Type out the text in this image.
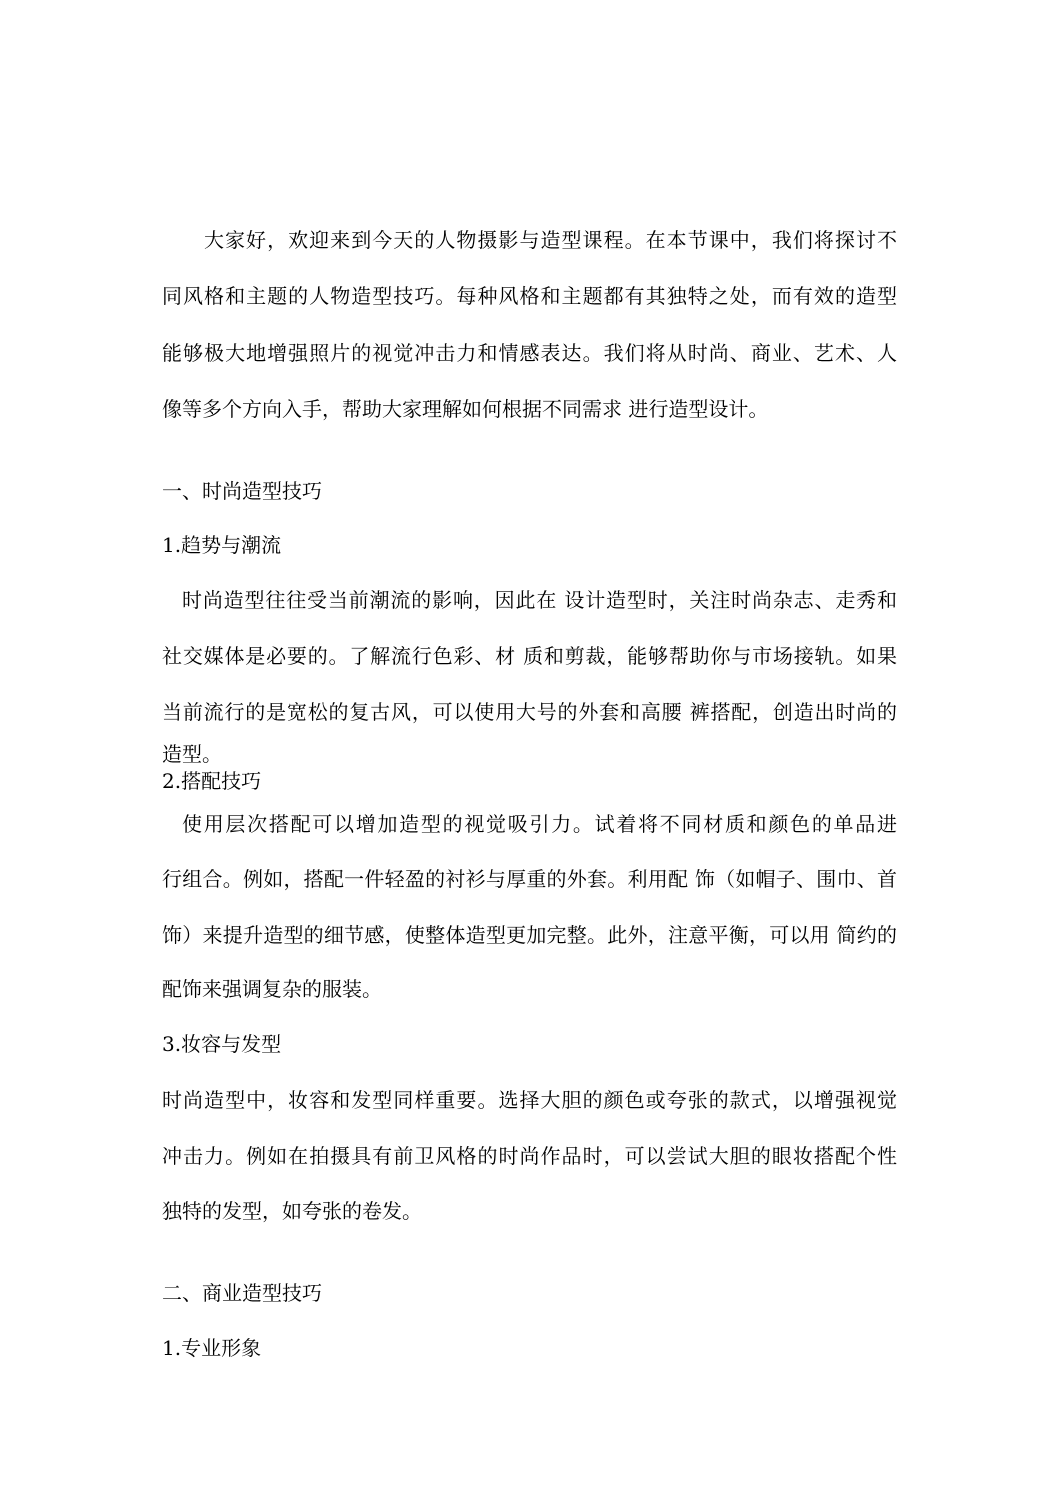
大家好，欢迎来到今天的人物摄影与造型课程。在本节课中，我们将探讨不
同风格和主题的人物造型技巧。每种风格和主题都有其独特之处，而有效的造型
能够极大地增强照片的视觉冲击力和情感表达。我们将从时尚、商业、艺术、人
像等多个方向入手，帮助大家理解如何根据不同需求 进行造型设计。
一、时尚造型技巧
1.趋势与潮流
时尚造型往往受当前潮流的影响，因此在 设计造型时，关注时尚杂志、走秀和
社交媒体是必要的。了解流行色彩、材 质和剪裁，能够帮助你与市场接轨。如果
当前流行的是宽松的复古风，可以使用大号的外套和高腰 裤搭配，创造出时尚的
造型。
2.搭配技巧
使用层次搭配可以增加造型的视觉吸引力。试着将不同材质和颜色的单品进
行组合。例如，搭配一件轻盈的衬衫与厚重的外套。利用配 饰（如帽子、围巾、首
饰）来提升造型的细节感，使整体造型更加完整。此外，注意平衡，可以用 简约的
配饰来强调复杂的服装。
3.妆容与发型
时尚造型中，妆容和发型同样重要。选择大胆的颜色或夸张的款式，以增强视觉
冲击力。例如在拍摄具有前卫风格的时尚作品时，可以尝试大胆的眼妆搭配个性
独特的发型，如夸张的卷发。
二、商业造型技巧
1.专业形象
